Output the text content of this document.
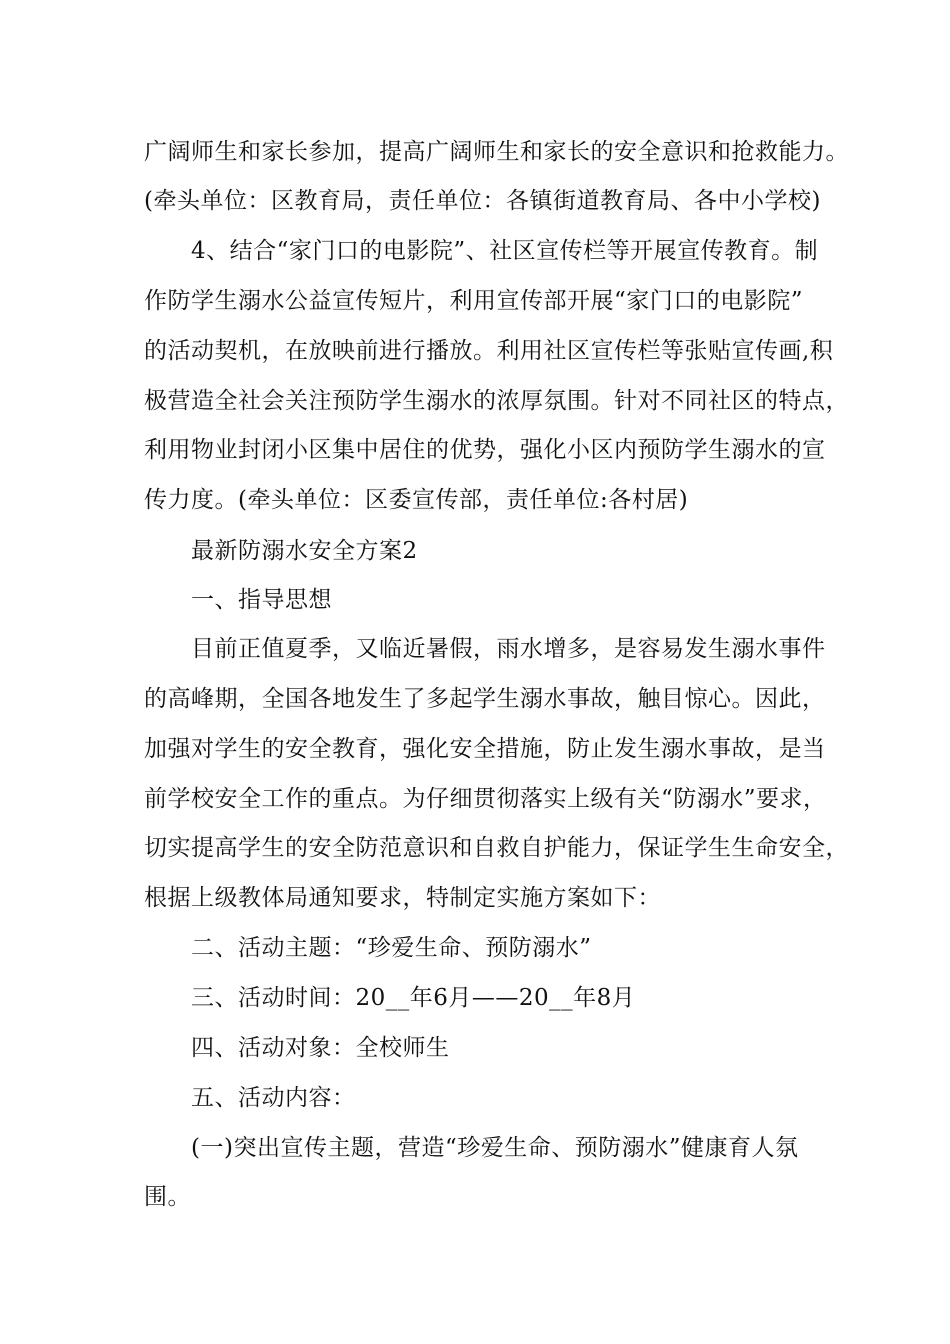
广阔师生和家长参加，提高广阔师生和家长的安全意识和抢救能力。
(牵头单位：区教育局，责任单位：各镇街道教育局、各中小学校)
4、结合“家门口的电影院”、社区宣传栏等开展宣传教育。制
作防学生溺水公益宣传短片，利用宣传部开展“家门口的电影院”
的活动契机，在放映前进行播放。利用社区宣传栏等张贴宣传画,积
极营造全社会关注预防学生溺水的浓厚氛围。针对不同社区的特点，
利用物业封闭小区集中居住的优势，强化小区内预防学生溺水的宣
传力度。(牵头单位：区委宣传部，责任单位:各村居)
最新防溺水安全方案2
一、指导思想
目前正值夏季，又临近暑假，雨水增多，是容易发生溺水事件
的高峰期，全国各地发生了多起学生溺水事故，触目惊心。因此，
加强对学生的安全教育，强化安全措施，防止发生溺水事故，是当
前学校安全工作的重点。为仔细贯彻落实上级有关“防溺水”要求，
切实提高学生的安全防范意识和自救自护能力，保证学生生命安全，
根据上级教体局通知要求，特制定实施方案如下：
二、活动主题：“珍爱生命、预防溺水”
三、活动时间：20__年6月——20__年8月
四、活动对象：全校师生
五、活动内容：
(一)突出宣传主题，营造“珍爱生命、预防溺水”健康育人氛
围。
